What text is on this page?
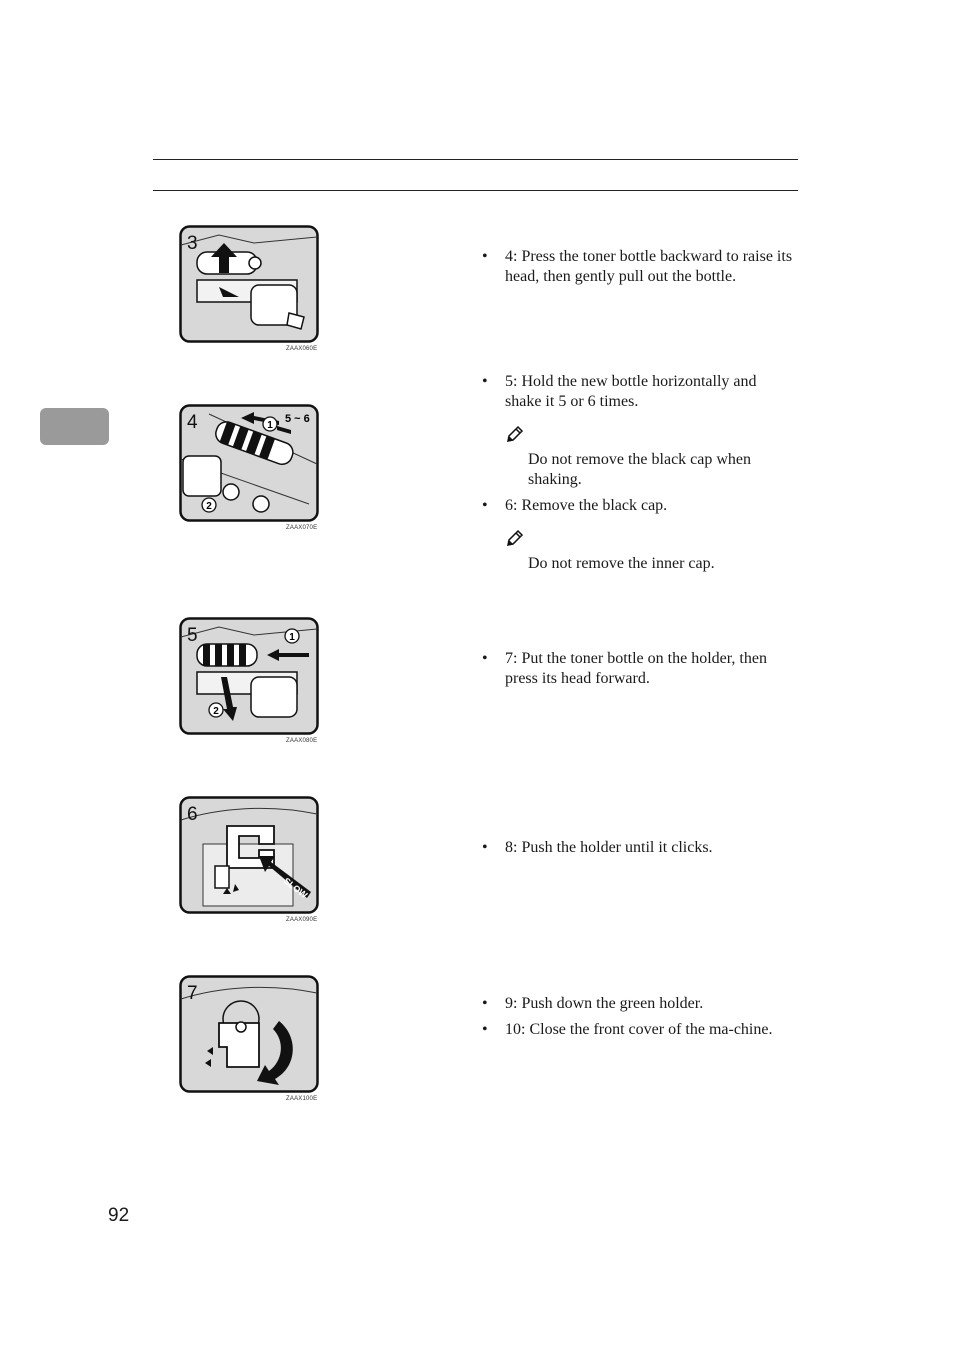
3
ZAAX060E
1
5 ~ 6
2
4
ZAAX070E
1
2
5
ZAAX080E
SLOW
6
ZAAX090E
7
ZAAX100E
• 4: Press the toner bottle backward to raise its head, then gently pull out the bottle.
• 5: Hold the new bottle horizontally and shake it 5 or 6 times.
Do not remove the black cap when shaking.
• 6: Remove the black cap.
Do not remove the inner cap.
• 7: Put the toner bottle on the holder, then press its head forward.
• 8: Push the holder until it clicks.
• 9: Push down the green holder.
• 10: Close the front cover of the ma-chine.
92
